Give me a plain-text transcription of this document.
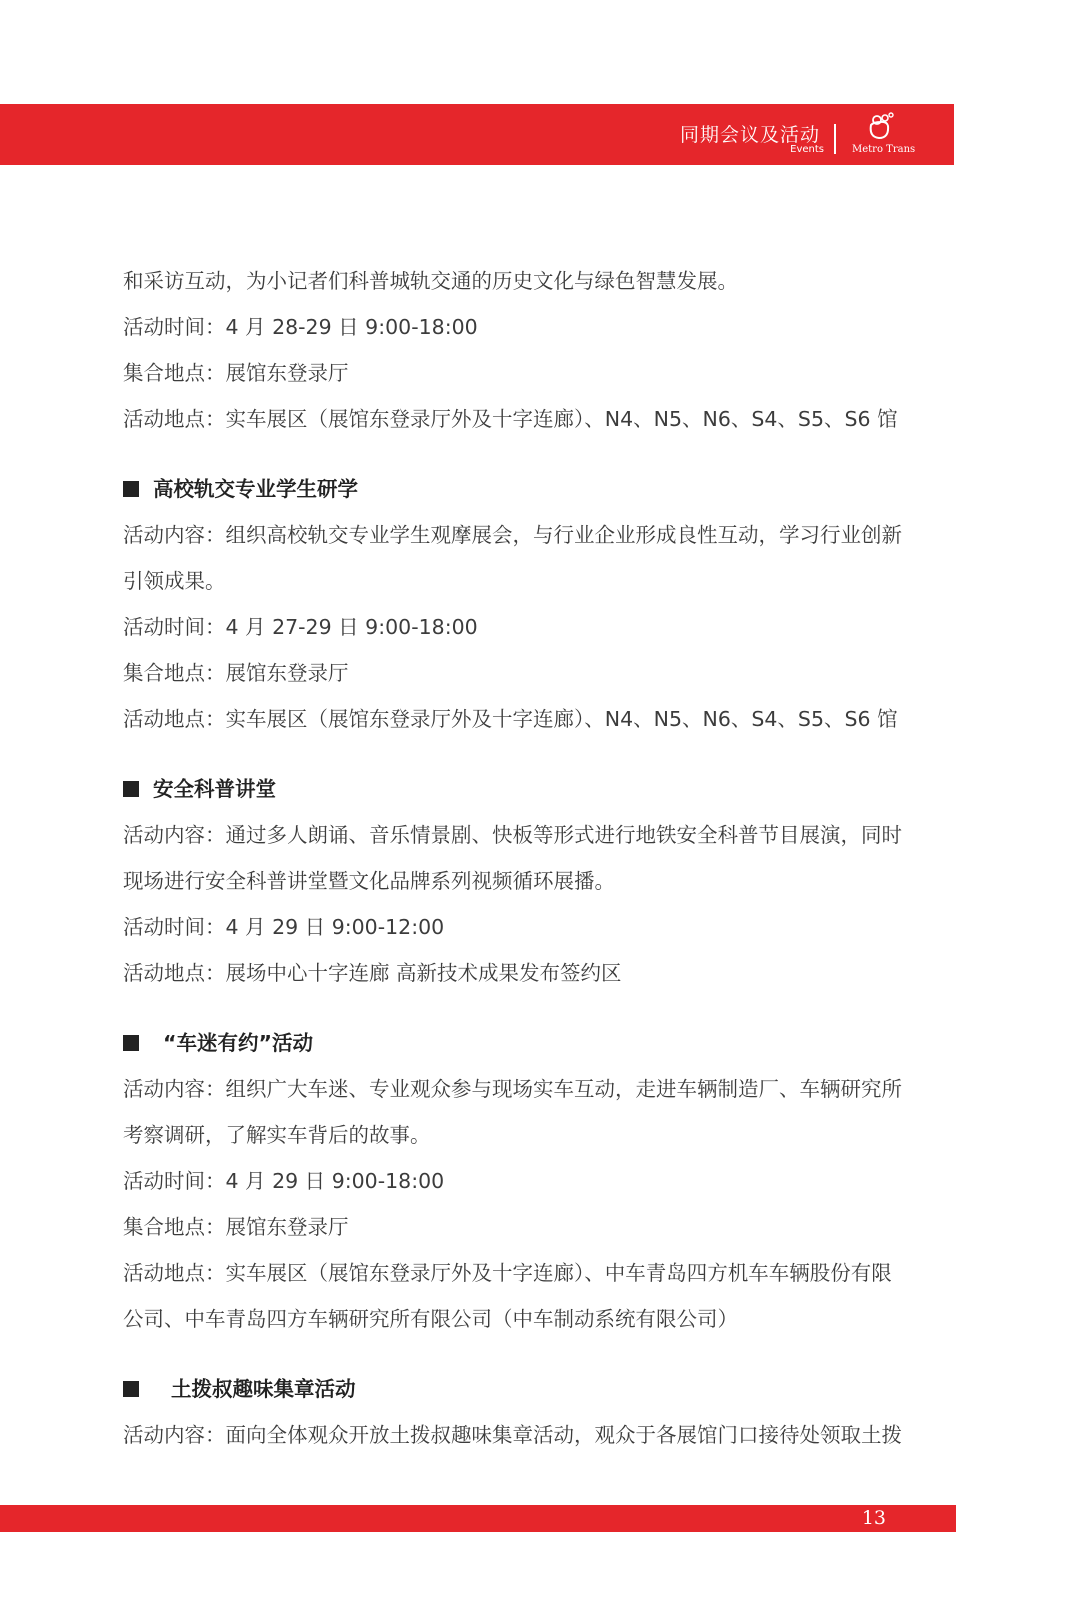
同期会议及活动
Events	Metro Trans
和采访互动，为小记者们科普城轨交通的历史文化与绿色智慧发展。
活动时间：4 月 28-29 日 9:00-18:00
集合地点：展馆东登录厅
活动地点：实车展区（展馆东登录厅外及十字连廊）、N4、N5、N6、S4、S5、S6 馆
高校轨交专业学生研学
活动内容：组织高校轨交专业学生观摩展会，与行业企业形成良性互动，学习行业创新
引领成果。
活动时间：4 月 27-29 日 9:00-18:00
集合地点：展馆东登录厅
活动地点：实车展区（展馆东登录厅外及十字连廊）、N4、N5、N6、S4、S5、S6 馆
安全科普讲堂
活动内容：通过多人朗诵、音乐情景剧、快板等形式进行地铁安全科普节目展演，同时
现场进行安全科普讲堂暨文化品牌系列视频循环展播。
活动时间：4 月 29 日 9:00-12:00
活动地点：展场中心十字连廊 高新技术成果发布签约区
“车迷有约”活动
活动内容：组织广大车迷、专业观众参与现场实车互动，走进车辆制造厂、车辆研究所
考察调研，了解实车背后的故事。
活动时间：4 月 29 日 9:00-18:00
集合地点：展馆东登录厅
活动地点：实车展区（展馆东登录厅外及十字连廊）、中车青岛四方机车车辆股份有限
公司、中车青岛四方车辆研究所有限公司（中车制动系统有限公司）
土拨叔趣味集章活动
活动内容：面向全体观众开放土拨叔趣味集章活动，观众于各展馆门口接待处领取土拨
13
